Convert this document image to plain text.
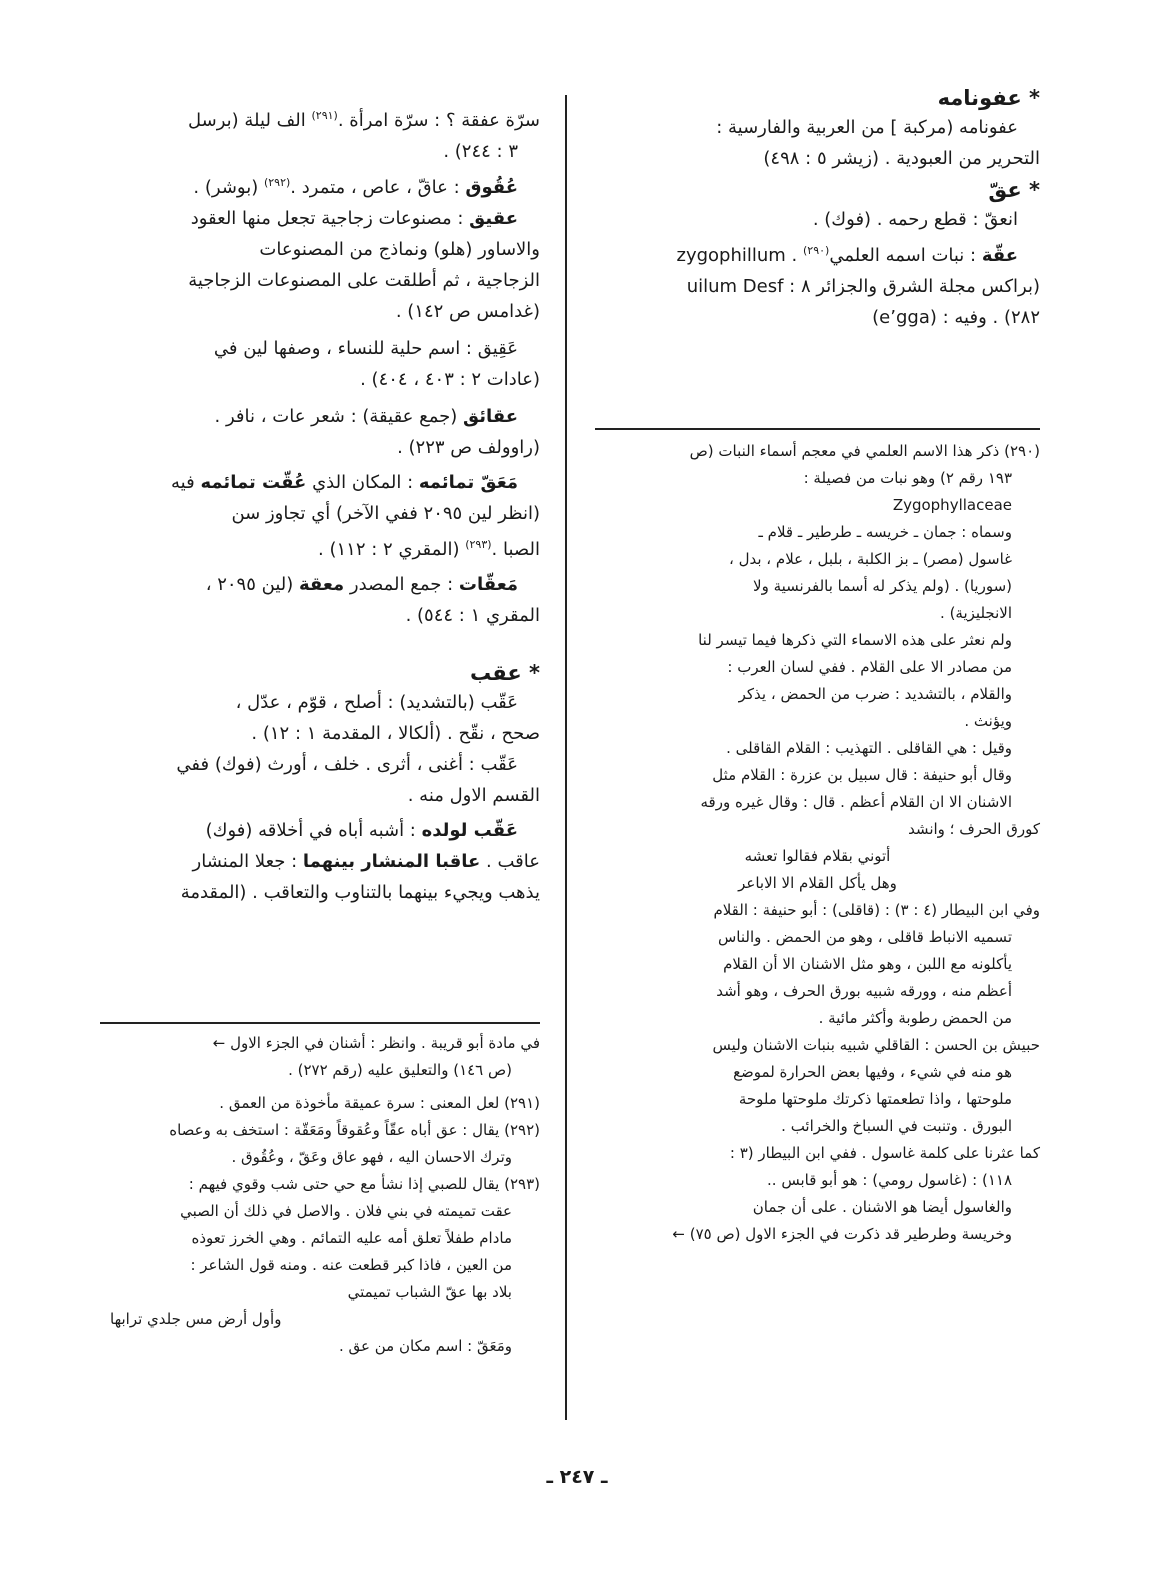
* عفونامه

عفونامه (مركبة ] من العربية والفارسية :

التحرير من العبودية . (زيشر ٥ : ٤٩٨)

* عقّ

انعقّ : قطع رحمه . (فوك) .

عقّة : نبات اسمه العلمي$^{(٢٩٠)}$ zygophillum .

(براكس مجلة الشرق والجزائر ٨ : uilum Desf

٢٨٢) . وفيه : (e’gga)

(٢٩٠) ذكر هذا الاسم العلمي في معجم أسماء النبات (ص

١٩٣ رقم ٢) وهو نبات من فصيلة :

Zygophyllaceae

وسماه : جمان ـ خريسه ـ طرطير ـ قلام ـ

غاسول (مصر) ـ بز الكلبة ، بلبل ، علام ، بدل ،

(سوريا) . (ولم يذكر له أسما بالفرنسية ولا

الانجليزية) .

ولم نعثر على هذه الاسماء التي ذكرها فيما تيسر لنا

من مصادر الا على القلام . ففي لسان العرب :

والقلام ، بالتشديد : ضرب من الحمض ، يذكر

ويؤنث .

وقيل : هي القاقلى . التهذيب : القلام القاقلى .

وقال أبو حنيفة : قال سبيل بن عزرة : القلام مثل

الاشنان الا ان القلام أعظم . قال : وقال غيره ورقه

كورق الحرف ؛ وانشد

أتوني بقلام فقالوا تعشه

وهل يأكل القلام الا الاباعر

وفي ابن البيطار (٤ : ٣) : (قاقلى) : أبو حنيفة : القلام

تسميه الانباط قاقلى ، وهو من الحمض . والناس

يأكلونه مع اللبن ، وهو مثل الاشنان الا أن القلام

أعظم منه ، وورقه شبيه بورق الحرف ، وهو أشد

من الحمض رطوبة وأكثر مائية .

حبيش بن الحسن : القاقلي شبيه بنبات الاشنان وليس

هو منه في شيء ، وفيها بعض الحرارة لموضع

ملوحتها ، واذا تطعمتها ذكرتك ملوحتها ملوحة

البورق . وتنبت في السباخ والخرائب .

كما عثرنا على كلمة غاسول . ففي ابن البيطار (٣ :

١١٨) : (غاسول رومي) : هو أبو قابس ..

والغاسول أيضا هو الاشنان . على أن جمان

وخريسة وطرطير قد ذكرت في الجزء الاول (ص ٧٥) ←

سرّة عفقة ؟ : سرّة امرأة .$^{(٢٩١)}$ الف ليلة (برسل

٣ : ٢٤٤) .

عُقُوق : عاقّ ، عاص ، متمرد .$^{(٢٩٢)}$ (بوشر) .

عقيق : مصنوعات زجاجية تجعل منها العقود

والاساور (هلو) ونماذج من المصنوعات

الزجاجية ، ثم أطلقت على المصنوعات الزجاجية

(غدامس ص ١٤٢) .

عَقِيق : اسم حلية للنساء ، وصفها لين في

(عادات ٢ : ٤٠٣ ، ٤٠٤) .

عقائق (جمع عقيقة) : شعر عات ، نافر .

(راوولف ص ٢٢٣) .

مَعَقّ تمائمه : المكان الذي عُقّت تمائمه فيه

(انظر لين ٢٠٩٥ ففي الآخر) أي تجاوز سن

الصبا .$^{(٢٩٣)}$ (المقري ٢ : ١١٢) .

مَعقّات : جمع المصدر معقة (لين ٢٠٩٥ ،

المقري ١ : ٥٤٤) .

* عقب

عَقّب (بالتشديد) : أصلح ، قوّم ، عدّل ،

صحح ، نقّح . (ألكالا ، المقدمة ١ : ١٢) .

عَقّب : أغنى ، أثرى . خلف ، أورث (فوك) ففي

القسم الاول منه .

عَقّب لولده : أشبه أباه في أخلاقه (فوك)

عاقب . عاقبا المنشار بينهما : جعلا المنشار

يذهب ويجيء بينهما بالتناوب والتعاقب . (المقدمة

في مادة أبو قريبة . وانظر : أشنان في الجزء الاول ←

(ص ١٤٦) والتعليق عليه (رقم ٢٧٢) .

(٢٩١) لعل المعنى : سرة عميقة مأخوذة من العمق .

(٢٩٢) يقال : عق أباه عقّاً وعُقوقاً ومَعَقّة : استخف به وعصاه

وترك الاحسان اليه ، فهو عاق وعَقّ ، وعُقُوق .

(٢٩٣) يقال للصبي إذا نشأ مع حي حتى شب وقوي فيهم :

عقت تميمته في بني فلان . والاصل في ذلك أن الصبي

مادام طفلاً تعلق أمه عليه التمائم . وهي الخرز تعوذه

من العين ، فاذا كبر قطعت عنه . ومنه قول الشاعر :

بلاد بها عقّ الشباب تميمتي

وأول أرض مس جلدي ترابها

ومَعَقّ : اسم مكان من عق .

ـ ٢٤٧ ـ
